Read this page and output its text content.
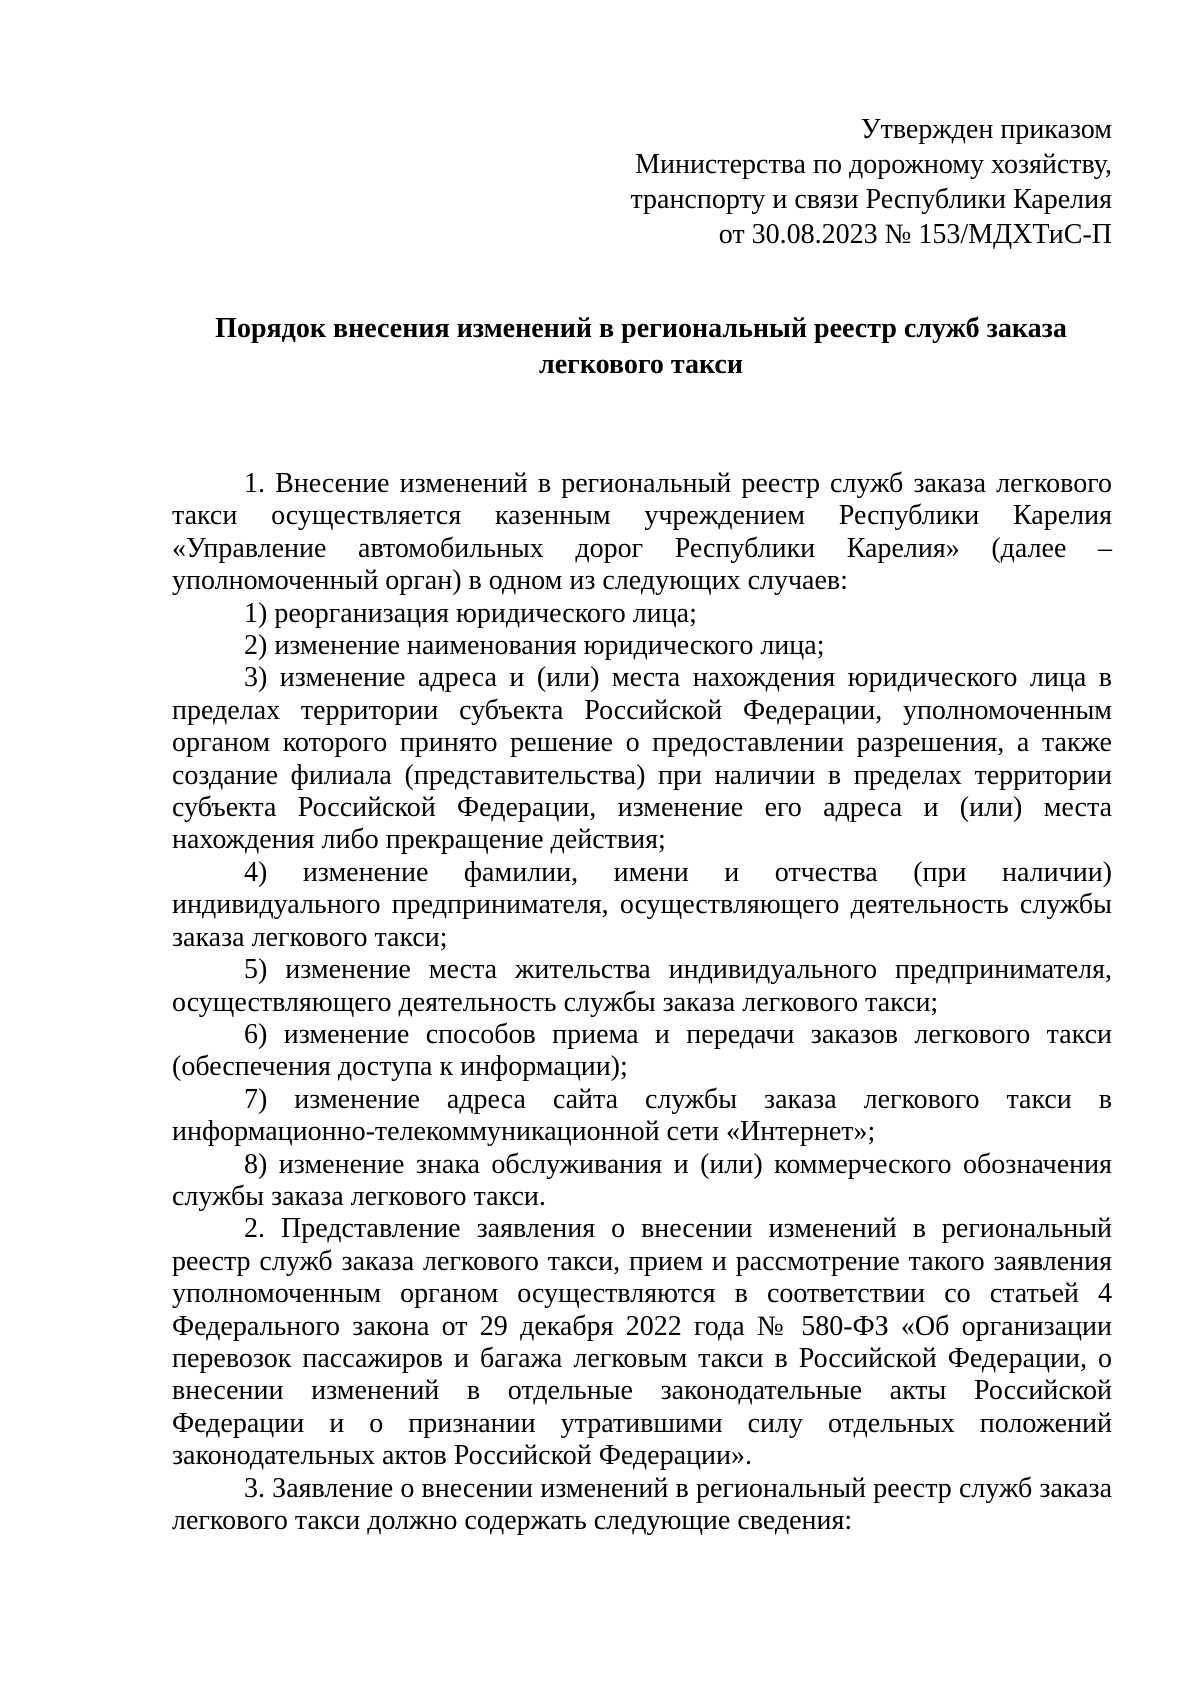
Утвержден приказом
Министерства по дорожному хозяйству,
транспорту и связи Республики Карелия
от 30.08.2023 № 153/МДХТиС-П
Порядок внесения изменений в региональный реестр служб заказа
легкового такси

1. Внесение изменений в региональный реестр служб заказа легкового такси осуществляется казенным учреждением Республики Карелия «Управление автомобильных дорог Республики Карелия» (далее – уполномоченный орган) в одном из следующих случаев:

1) реорганизация юридического лица;

2) изменение наименования юридического лица;

3) изменение адреса и (или) места нахождения юридического лица в пределах территории субъекта Российской Федерации, уполномоченным органом которого принято решение о предоставлении разрешения, а также создание филиала (представительства) при наличии в пределах территории субъекта Российской Федерации, изменение его адреса и (или) места нахождения либо прекращение действия;

4) изменение фамилии, имени и отчества (при наличии) индивидуального предпринимателя, осуществляющего деятельность службы заказа легкового такси;

5) изменение места жительства индивидуального предпринимателя, осуществляющего деятельность службы заказа легкового такси;

6) изменение способов приема и передачи заказов легкового такси (обеспечения доступа к информации);

7) изменение адреса сайта службы заказа легкового такси в информационно-телекоммуникационной сети «Интернет»;

8) изменение знака обслуживания и (или) коммерческого обозначения службы заказа легкового такси.

2. Представление заявления о внесении изменений в региональный реестр служб заказа легкового такси, прием и рассмотрение такого заявления уполномоченным органом осуществляются в соответствии со статьей 4 Федерального закона от 29 декабря 2022 года № 580-ФЗ «Об организации перевозок пассажиров и багажа легковым такси в Российской Федерации, о внесении изменений в отдельные законодательные акты Российской Федерации и о признании утратившими силу отдельных положений законодательных актов Российской Федерации».

3. Заявление о внесении изменений в региональный реестр служб заказа легкового такси должно содержать следующие сведения:
